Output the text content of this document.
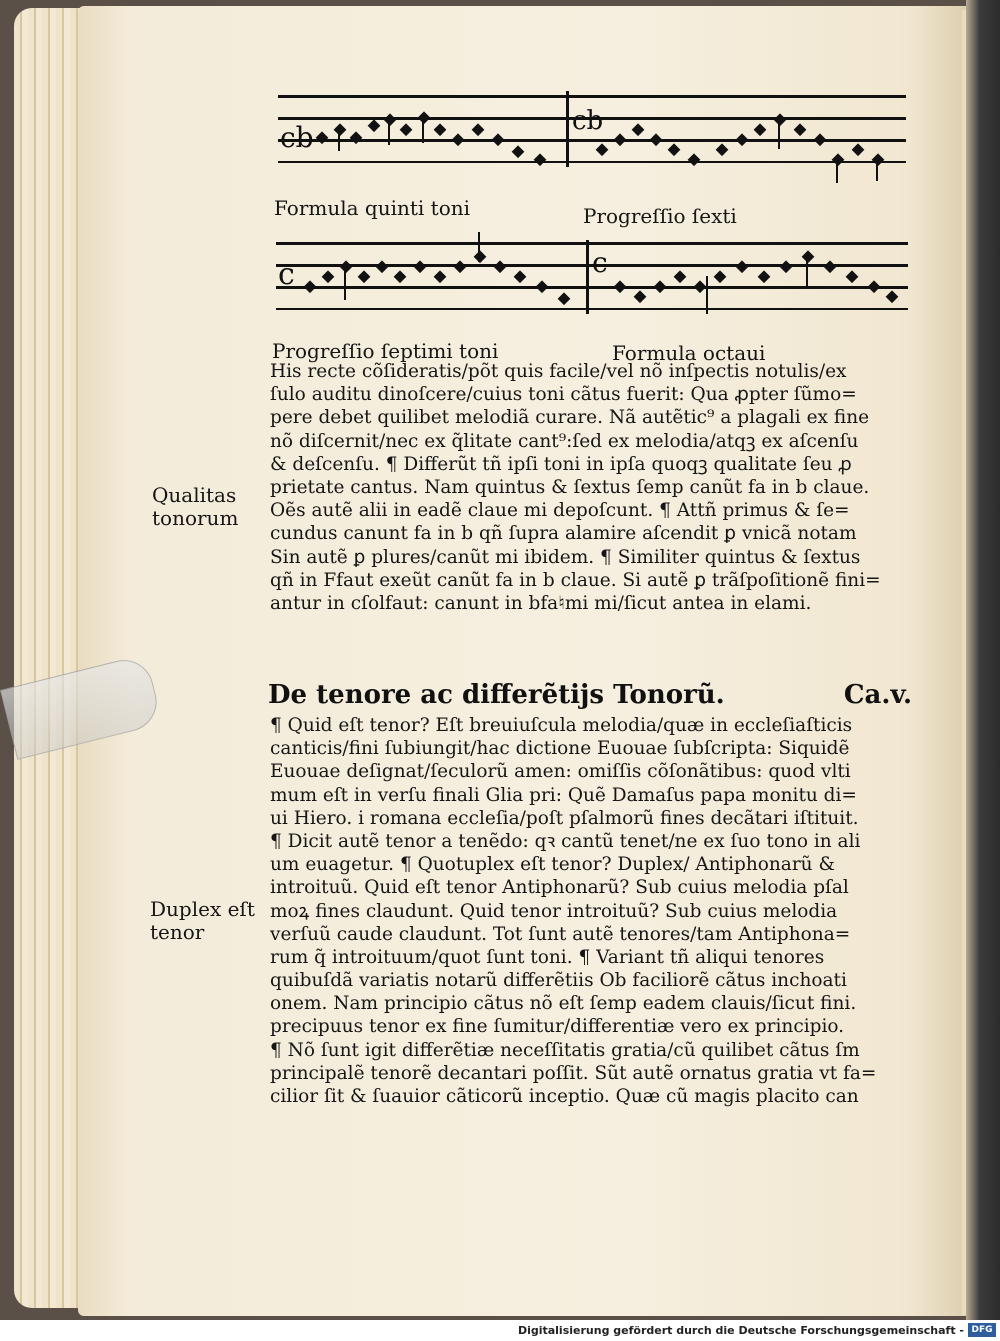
cb	cb
Formula quinti toni	Progreſſio ſexti
c	c
Progreſſio ſeptimi toni	Formula octaui
His recte cõſideratis/põt quis facile/vel nõ inſpectis notulis/ex
ſulo auditu dinoſcere/cuius toni cãtus fuerit: Qua ꝓpter ſũmo=
pere debet quilibet melodiã curare. Nã autẽtic⁹ a plagali ex fine
nõ diſcernit/nec ex q̃litate cant⁹:ſed ex melodia/atqꝫ ex aſcenſu
& deſcenſu. ¶ Differũt tñ ipſi toni in ipſa quoqꝫ qualitate ſeu ꝓ
prietate cantus. Nam quintus & ſextus ſemp canũt fa in b claue.
Oẽs autẽ alii in eadẽ claue mi depoſcunt. ¶ Attñ primus & ſe=
cundus canunt fa in b qñ ſupra alamire aſcendit ꝑ vnicã notam
Sin autẽ ꝑ plures/canũt mi ibidem. ¶ Similiter quintus & ſextus
qñ in Ffaut exeũt canũt fa in b claue. Si autẽ ꝑ trãſpoſitionẽ fini=
antur in cſolfaut: canunt in bfa♮mi mi/ſicut antea in elami.
De tenore ac differẽtijs Tonorũ.	Ca.v.
¶ Quid eſt tenor? Eſt breuiuſcula melodia/quæ in eccleſiaſticis
canticis/fini ſubiungit/hac dictione Euouae ſubſcripta: Siquidẽ
Euouae deſignat/ſeculorũ amen: omiſſis cõſonãtibus: quod vlti
mum eſt in verſu finali Glia pri: Quẽ Damaſus papa monitu di=
ui Hiero. i romana eccleſia/poſt pſalmorũ fines decãtari iſtituit.
¶ Dicit autẽ tenor a tenẽdo: qꝛ cantũ tenet/ne ex ſuo tono in ali
um euagetur. ¶ Quotuplex eſt tenor? Duplex/ Antiphonarũ &
introituũ. Quid eſt tenor Antiphonarũ? Sub cuius melodia pſal
moꝝ fines claudunt. Quid tenor introituũ? Sub cuius melodia
verſuũ caude claudunt. Tot ſunt autẽ tenores/tam Antiphona=
rum q̃ introituum/quot ſunt toni. ¶ Variant tñ aliqui tenores
quibuſdã variatis notarũ differẽtiis Ob faciliorẽ cãtus inchoati
onem. Nam principio cãtus nõ eſt ſemp eadem clauis/ſicut fini.
precipuus tenor ex fine ſumitur/differentiæ vero ex principio.
¶ Nõ ſunt igit differẽtiæ neceſſitatis gratia/cũ quilibet cãtus ſm
principalẽ tenorẽ decantari poſſit. Sũt autẽ ornatus gratia vt fa=
cilior ſit & ſuauior cãticorũ inceptio. Quæ cũ magis placito can
Qualitas
tonorum
Duplex eſt
tenor
Digitalisierung gefördert durch die Deutsche Forschungsgemeinschaft - DFG
